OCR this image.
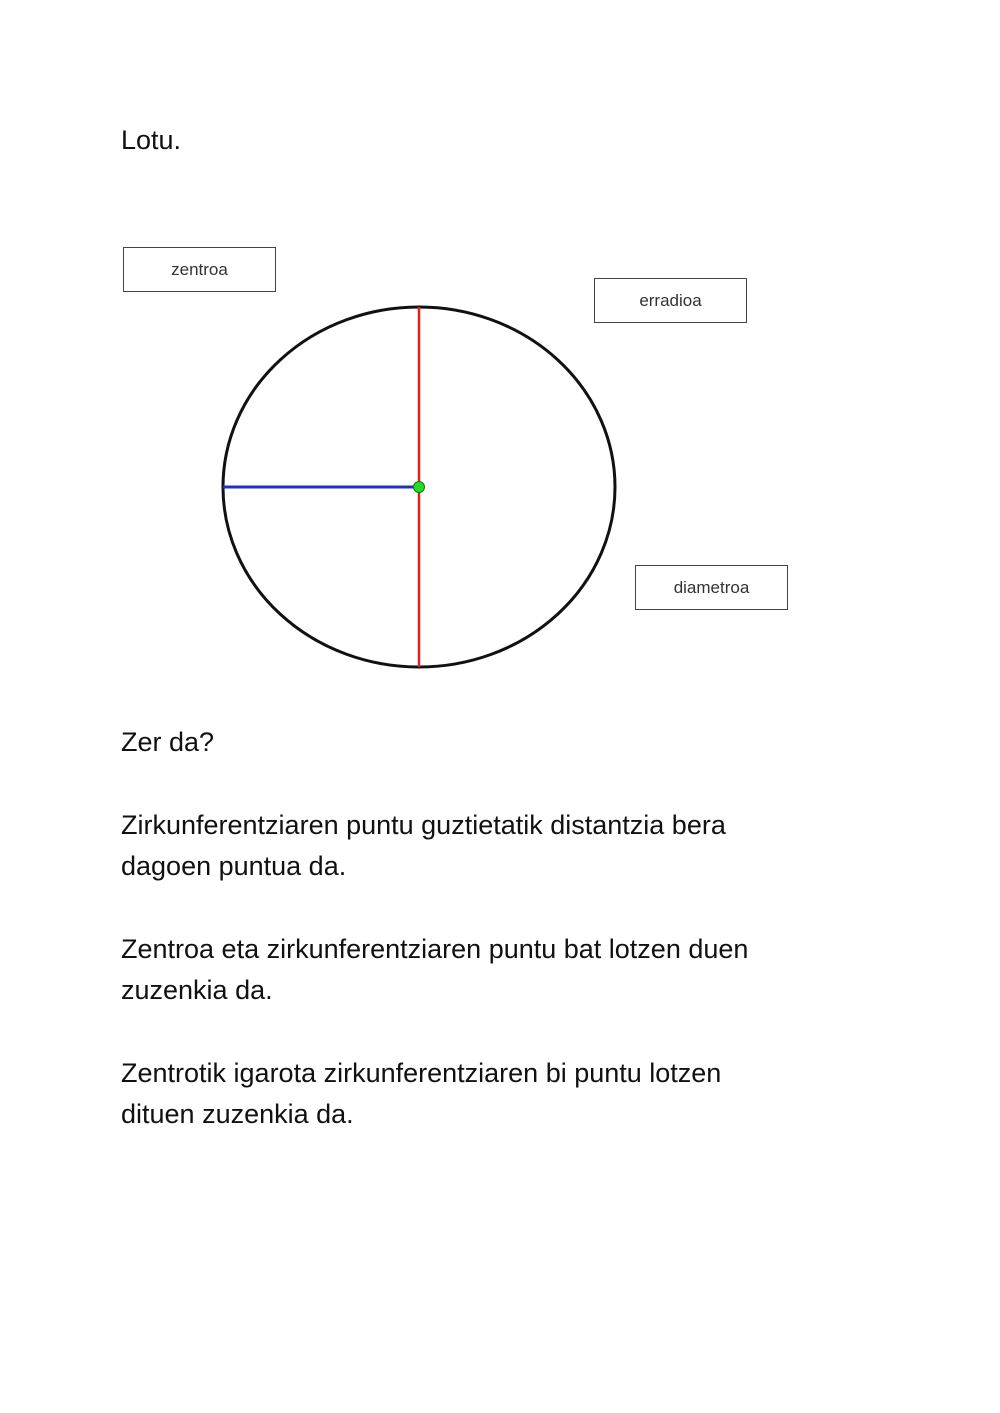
Lotu.
zentroa
erradioa
diametroa
Zer da?
Zirkunferentziaren puntu guztietatik distantzia bera
dagoen puntua da.
Zentroa eta zirkunferentziaren puntu bat lotzen duen
zuzenkia da.
Zentrotik igarota zirkunferentziaren bi puntu lotzen
dituen zuzenkia da.
